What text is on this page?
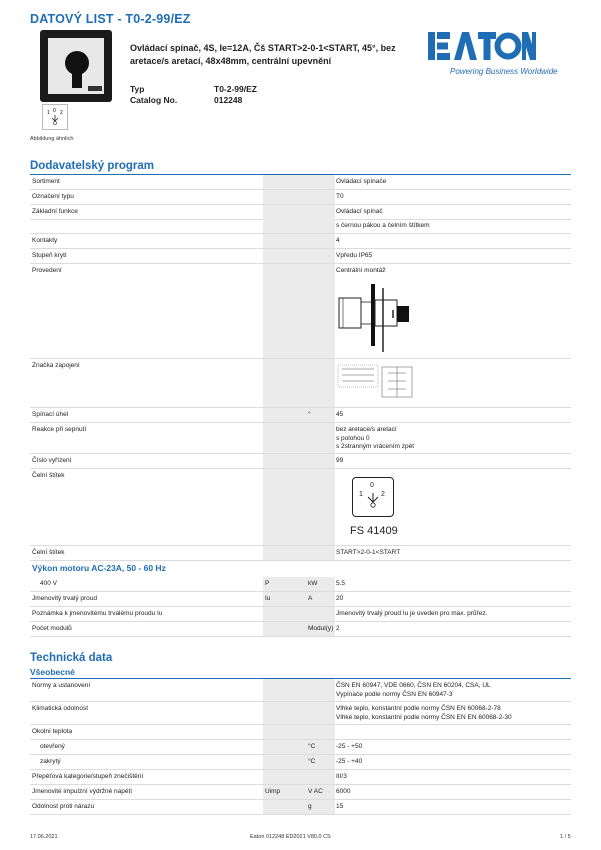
DATOVÝ LIST - T0-2-99/EZ
1 0 2
Abbildung ähnlich
Ovládací spínač, 4S, Ie=12A, Čš START>2-0-1<START, 45°, bez aretace/s aretací, 48x48mm, centrální upevnění
Typ	T0-2-99/EZ
Catalog No.	012248
Powering Business Worldwide
Dodavatelský program
Sortiment	Ovládací spínače
Označení typu	T0
Základní funkce	Ovládací spínač
s černou pákou a čelním štítkem
Kontakty	4
Stupeň krytí	Vpředu IP65
Provedení	Centrální montáž
Značka zapojení
Spínací úhel	°	45
Reakce při sepnutí	bez aretace/s aretací
s polohou 0
s 2stranným vrácením zpět
Číslo vyřízení	99
Čelní štítek
1
0
2
FS 41409
Čelní štítek	START>2-0-1<START
Výkon motoru AC-23A, 50 - 60 Hz
400 V	P	kW	5.5
Jmenovitý trvalý proud	Iu	A	20
Poznámka k jmenovitému trvalému proudu Iu	Jmenovitý trvalý proud Iu je uveden pro max. průřez.
Počet modulů	Modul(y) 2
Technická data
Všeobecné
Normy a ustanovení	ČSN EN 60947, VDE 0660, ČSN EN 60204, CSA, UL
Vypínače podle normy ČSN EN 60947-3
Klimatická odolnost	Vlhké teplo, konstantní podle normy ČSN EN 60068-2-78
Vlhké teplo, konstantní podle normy ČSN EN EN 60068-2-30
Okolní teplota
otevřený	°C	-25 - +50
zakrytý	°C	-25 - +40
Přepěťová kategorie/stupeň znečištění	III/3
Jmenovité impulzní výdržné napětí	Uimp	V AC 6000
Odolnost proti nárazu	g	15
17.06.2021	Eaton 012248 ED2021 V80.0 CS	1 / 5
